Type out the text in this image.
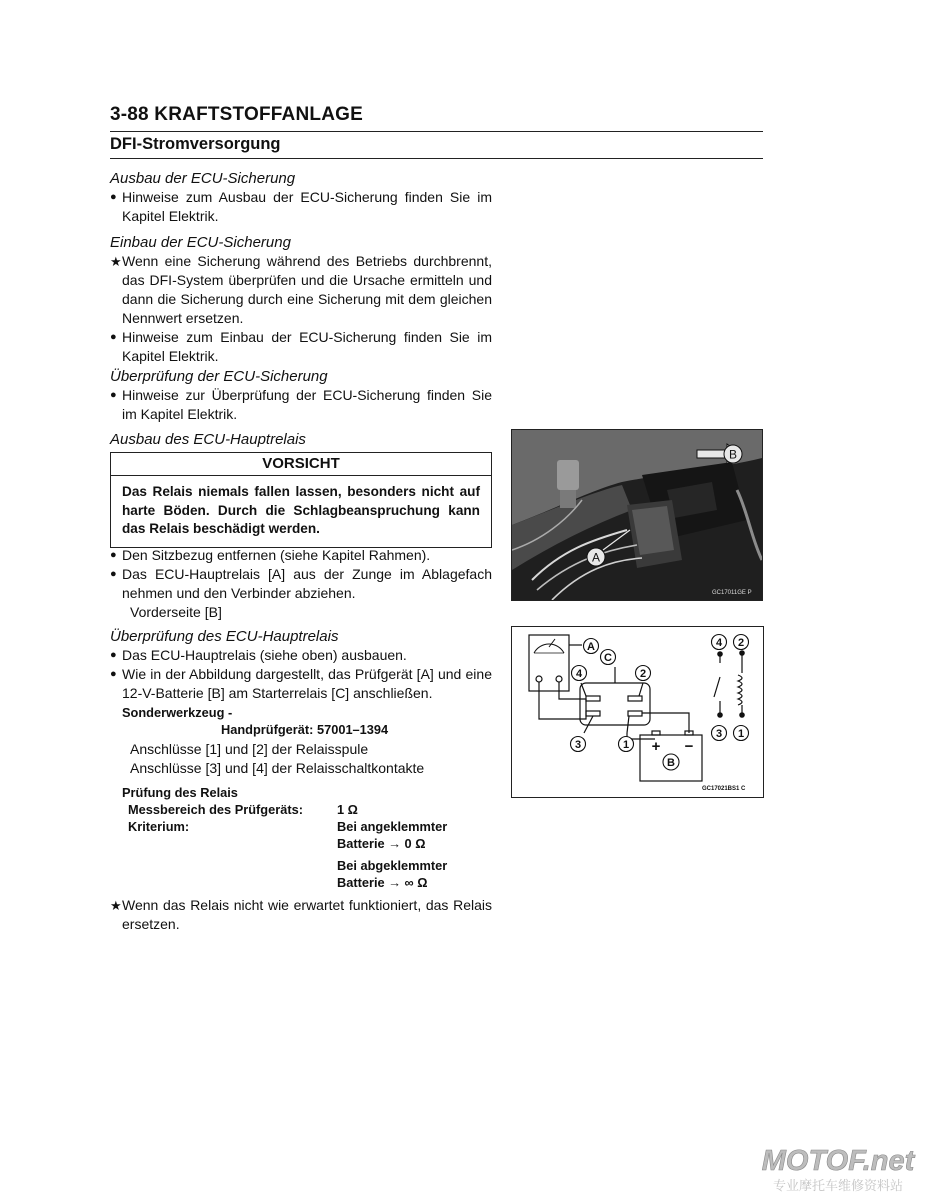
3-88 KRAFTSTOFFANLAGE
DFI-Stromversorgung

Ausbau der ECU-Sicherung

● Hinweise zum Ausbau der ECU-Sicherung finden Sie im Kapitel Elektrik.

Einbau der ECU-Sicherung

★ Wenn eine Sicherung während des Betriebs durchbrennt, das DFI-System überprüfen und die Ursache ermitteln und dann die Sicherung durch eine Sicherung mit dem gleichen Nennwert ersetzen.

● Hinweise zum Einbau der ECU-Sicherung finden Sie im Kapitel Elektrik.

Überprüfung der ECU-Sicherung

● Hinweise zur Überprüfung der ECU-Sicherung finden Sie im Kapitel Elektrik.

Ausbau des ECU-Hauptrelais

VORSICHT
Das Relais niemals fallen lassen, besonders nicht auf harte Böden. Durch die Schlagbeanspruchung kann das Relais beschädigt werden.

● Den Sitzbezug entfernen (siehe Kapitel Rahmen).

● Das ECU-Hauptrelais [A] aus der Zunge im Ablagefach nehmen und den Verbinder abziehen.

Vorderseite [B]

Überprüfung des ECU-Hauptrelais

● Das ECU-Hauptrelais (siehe oben) ausbauen.

● Wie in der Abbildung dargestellt, das Prüfgerät [A] und eine 12-V-Batterie [B] am Starterrelais [C] anschließen.

Sonderwerkzeug -
Handprüfgerät: 57001–1394
Anschlüsse [1] und [2] der Relaisspule
Anschlüsse [3] und [4] der Relaisschaltkontakte
Prüfung des Relais
Messbereich des Prüfgeräts:	1 Ω
Kriterium:	Bei angeklemmter
Batterie → 0 Ω
Bei abgeklemmter
Batterie → ∞ Ω

★ Wenn das Relais nicht wie erwartet funktioniert, das Relais ersetzen.

B
A
GC17011GE P
A
C
4	2
3	1
B
4 2
3 1
+ −
GC17021BS1 C
MOTOF.net
专业摩托车维修资料站
